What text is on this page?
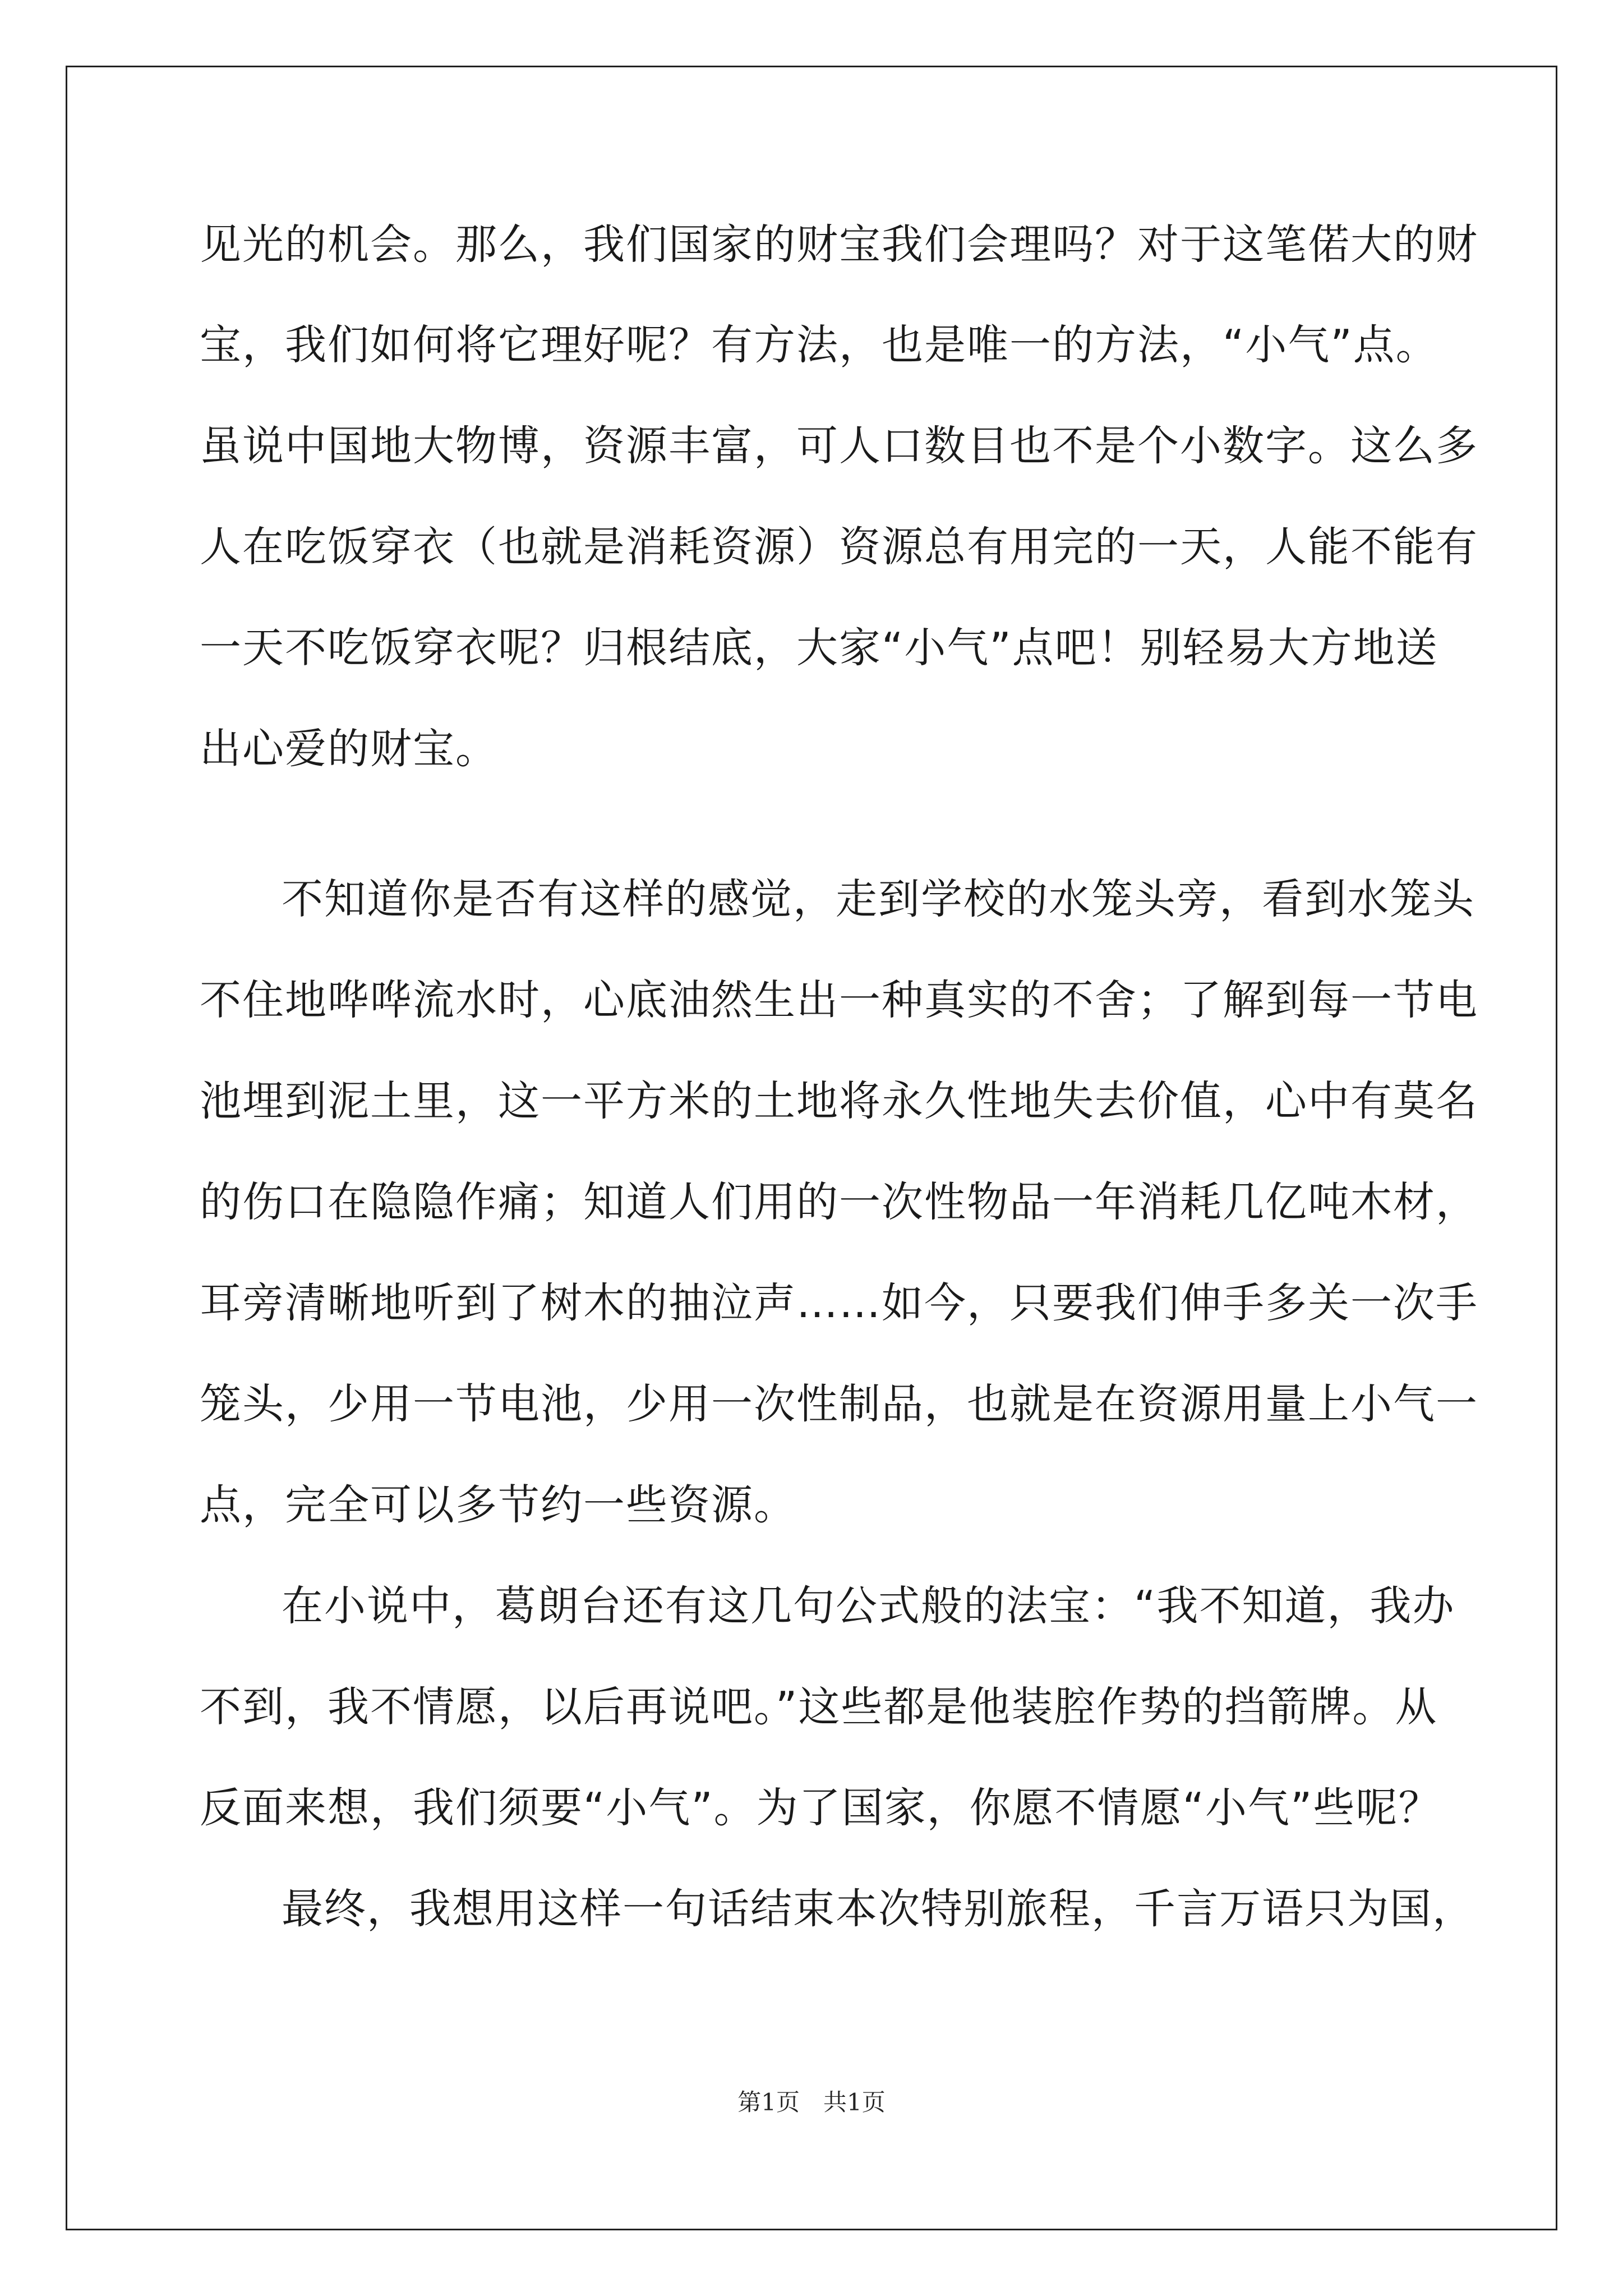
见光的机会。那么，我们国家的财宝我们会理吗？对于这笔偌大的财
宝，我们如何将它理好呢？有方法，也是唯一的方法，“小气”点。
虽说中国地大物博，资源丰富，可人口数目也不是个小数字。这么多
人在吃饭穿衣（也就是消耗资源）资源总有用完的一天，人能不能有
一天不吃饭穿衣呢？归根结底，大家“小气”点吧！别轻易大方地送
出心爱的财宝。
不知道你是否有这样的感觉，走到学校的水笼头旁，看到水笼头
不住地哗哗流水时，心底油然生出一种真实的不舍；了解到每一节电
池埋到泥土里，这一平方米的土地将永久性地失去价值，心中有莫名
的伤口在隐隐作痛；知道人们用的一次性物品一年消耗几亿吨木材，
耳旁清晰地听到了树木的抽泣声……如今，只要我们伸手多关一次手
笼头，少用一节电池，少用一次性制品，也就是在资源用量上小气一
点，完全可以多节约一些资源。
在小说中，葛朗台还有这几句公式般的法宝：“我不知道，我办
不到，我不情愿，以后再说吧。”这些都是他装腔作势的挡箭牌。从
反面来想，我们须要“小气”。为了国家，你愿不情愿“小气”些呢？
最终，我想用这样一句话结束本次特别旅程，千言万语只为国，
第1页　共1页
